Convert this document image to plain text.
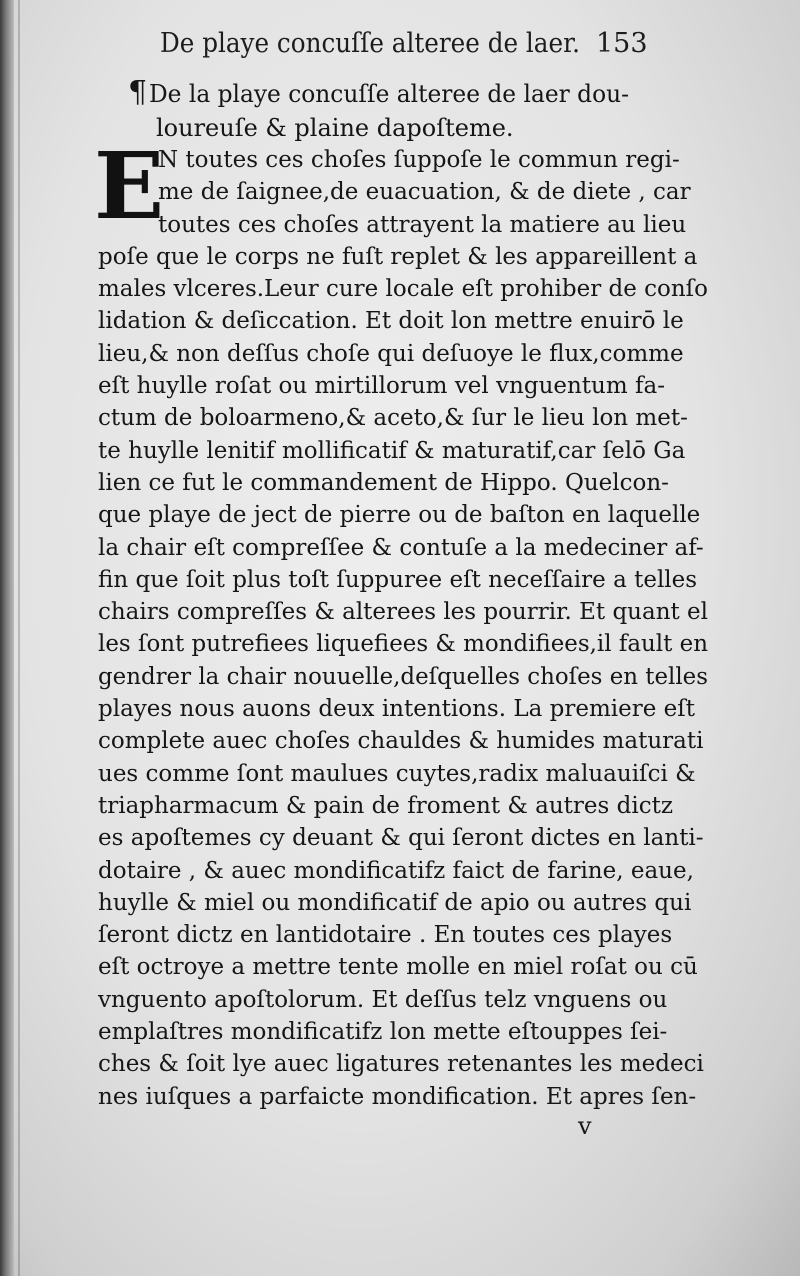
De playe concuſſe alteree de laer. 153
¶De la playe concuſſe alteree de laer dou-
loureuſe & plaine dapoſteme.
E
N toutes ces choſes ſuppoſe le commun regi-
me de ſaignee,de euacuation, & de diete , car
toutes ces choſes attrayent la matiere au lieu
poſe que le corps ne fuſt replet & les appareillent a
males vlceres.Leur cure locale eſt prohiber de conſo
lidation & deſiccation. Et doit lon mettre enuirō le
lieu,& non deſſus choſe qui deſuoye le flux,comme
eſt huylle roſat ou mirtillorum vel vnguentum fa-
ctum de boloarmeno,& aceto,& ſur le lieu lon met-
te huylle lenitif mollificatif & maturatif,car ſelō Ga
lien ce fut le commandement de Hippo. Quelcon-
que playe de ject de pierre ou de baſton en laquelle
la chair eſt compreſſee & contuſe a la medeciner af-
fin que ſoit plus toſt ſuppuree eſt neceſſaire a telles
chairs compreſſes & alterees les pourrir. Et quant el
les ſont putrefiees liquefiees & mondifiees,il fault en
gendrer la chair nouuelle,deſquelles choſes en telles
playes nous auons deux intentions. La premiere eſt
complete auec choſes chauldes & humides maturati
ues comme ſont maulues cuytes,radix maluauiſci &
triapharmacum & pain de froment & autres dictz
es apoſtemes cy deuant & qui ſeront dictes en lanti-
dotaire , & auec mondificatifz faict de farine, eaue,
huylle & miel ou mondificatif de apio ou autres qui
ſeront dictz en lantidotaire . En toutes ces playes
eſt octroye a mettre tente molle en miel roſat ou cū
vnguento apoſtolorum. Et deſſus telz vnguens ou
emplaſtres mondificatifz lon mette eſtouppes ſei-
ches & ſoit lye auec ligatures retenantes les medeci
nes iuſques a parfaicte mondification. Et apres ſen-
v
